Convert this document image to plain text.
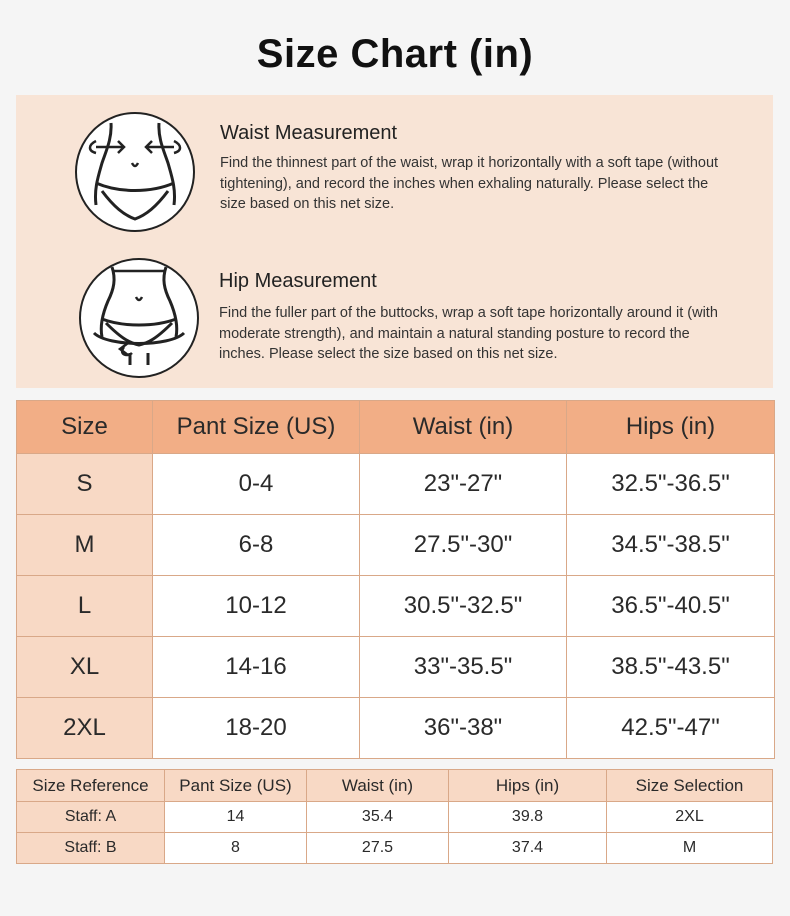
Size Chart (in)
Waist Measurement
Find the thinnest part of the waist, wrap it horizontally with a soft tape (without tightening), and record the inches when exhaling naturally. Please select the size based on this net size.
Hip Measurement
Find the fuller part of the buttocks, wrap a soft tape horizontally around it (with moderate strength), and maintain a natural standing posture to record the inches. Please select the size based on this net size.
Size	Pant Size (US)	Waist (in)	Hips (in)
S	0-4	23"-27"	32.5"-36.5"
M	6-8	27.5"-30"	34.5"-38.5"
L	10-12	30.5"-32.5"	36.5"-40.5"
XL	14-16	33"-35.5"	38.5"-43.5"
2XL	18-20	36"-38"	42.5"-47"
Size Reference	Pant Size (US)	Waist (in)	Hips (in)	Size Selection
Staff: A	14	35.4	39.8	2XL
Staff: B	8	27.5	37.4	M
